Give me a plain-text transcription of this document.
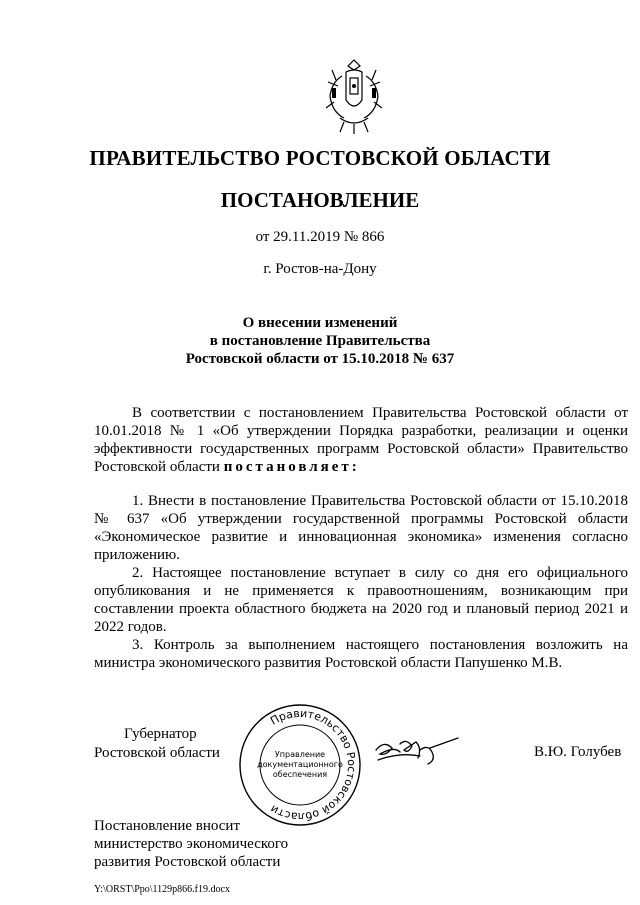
ПРАВИТЕЛЬСТВО РОСТОВСКОЙ ОБЛАСТИ
ПОСТАНОВЛЕНИЕ
от 29.11.2019 № 866
г. Ростов-на-Дону
О внесении изменений
в постановление Правительства
Ростовской области от 15.10.2018 № 637

В соответствии с постановлением Правительства Ростовской области от 10.01.2018 № 1 «Об утверждении Порядка разработки, реализации и оценки эффективности государственных программ Ростовской области» Правительство Ростовской области постановляет:

1. Внести в постановление Правительства Ростовской области от 15.10.2018 № 637 «Об утверждении государственной программы Ростовской области «Экономическое развитие и инновационная экономика» изменения согласно приложению.

2. Настоящее постановление вступает в силу со дня его официального опубликования и не применяется к правоотношениям, возникающим при составлении проекта областного бюджета на 2020 год и плановый период 2021 и 2022 годов.

3. Контроль за выполнением настоящего постановления возложить на министра экономического развития Ростовской области Папушенко М.В.

Губернатор
Ростовской области
Правительство Ростовской области
Управление
документационного
обеспечения
В.Ю. Голубев
Постановление вносит
министерство экономического
развития Ростовской области
Y:\ORST\Ppo\1129p866.f19.docx
